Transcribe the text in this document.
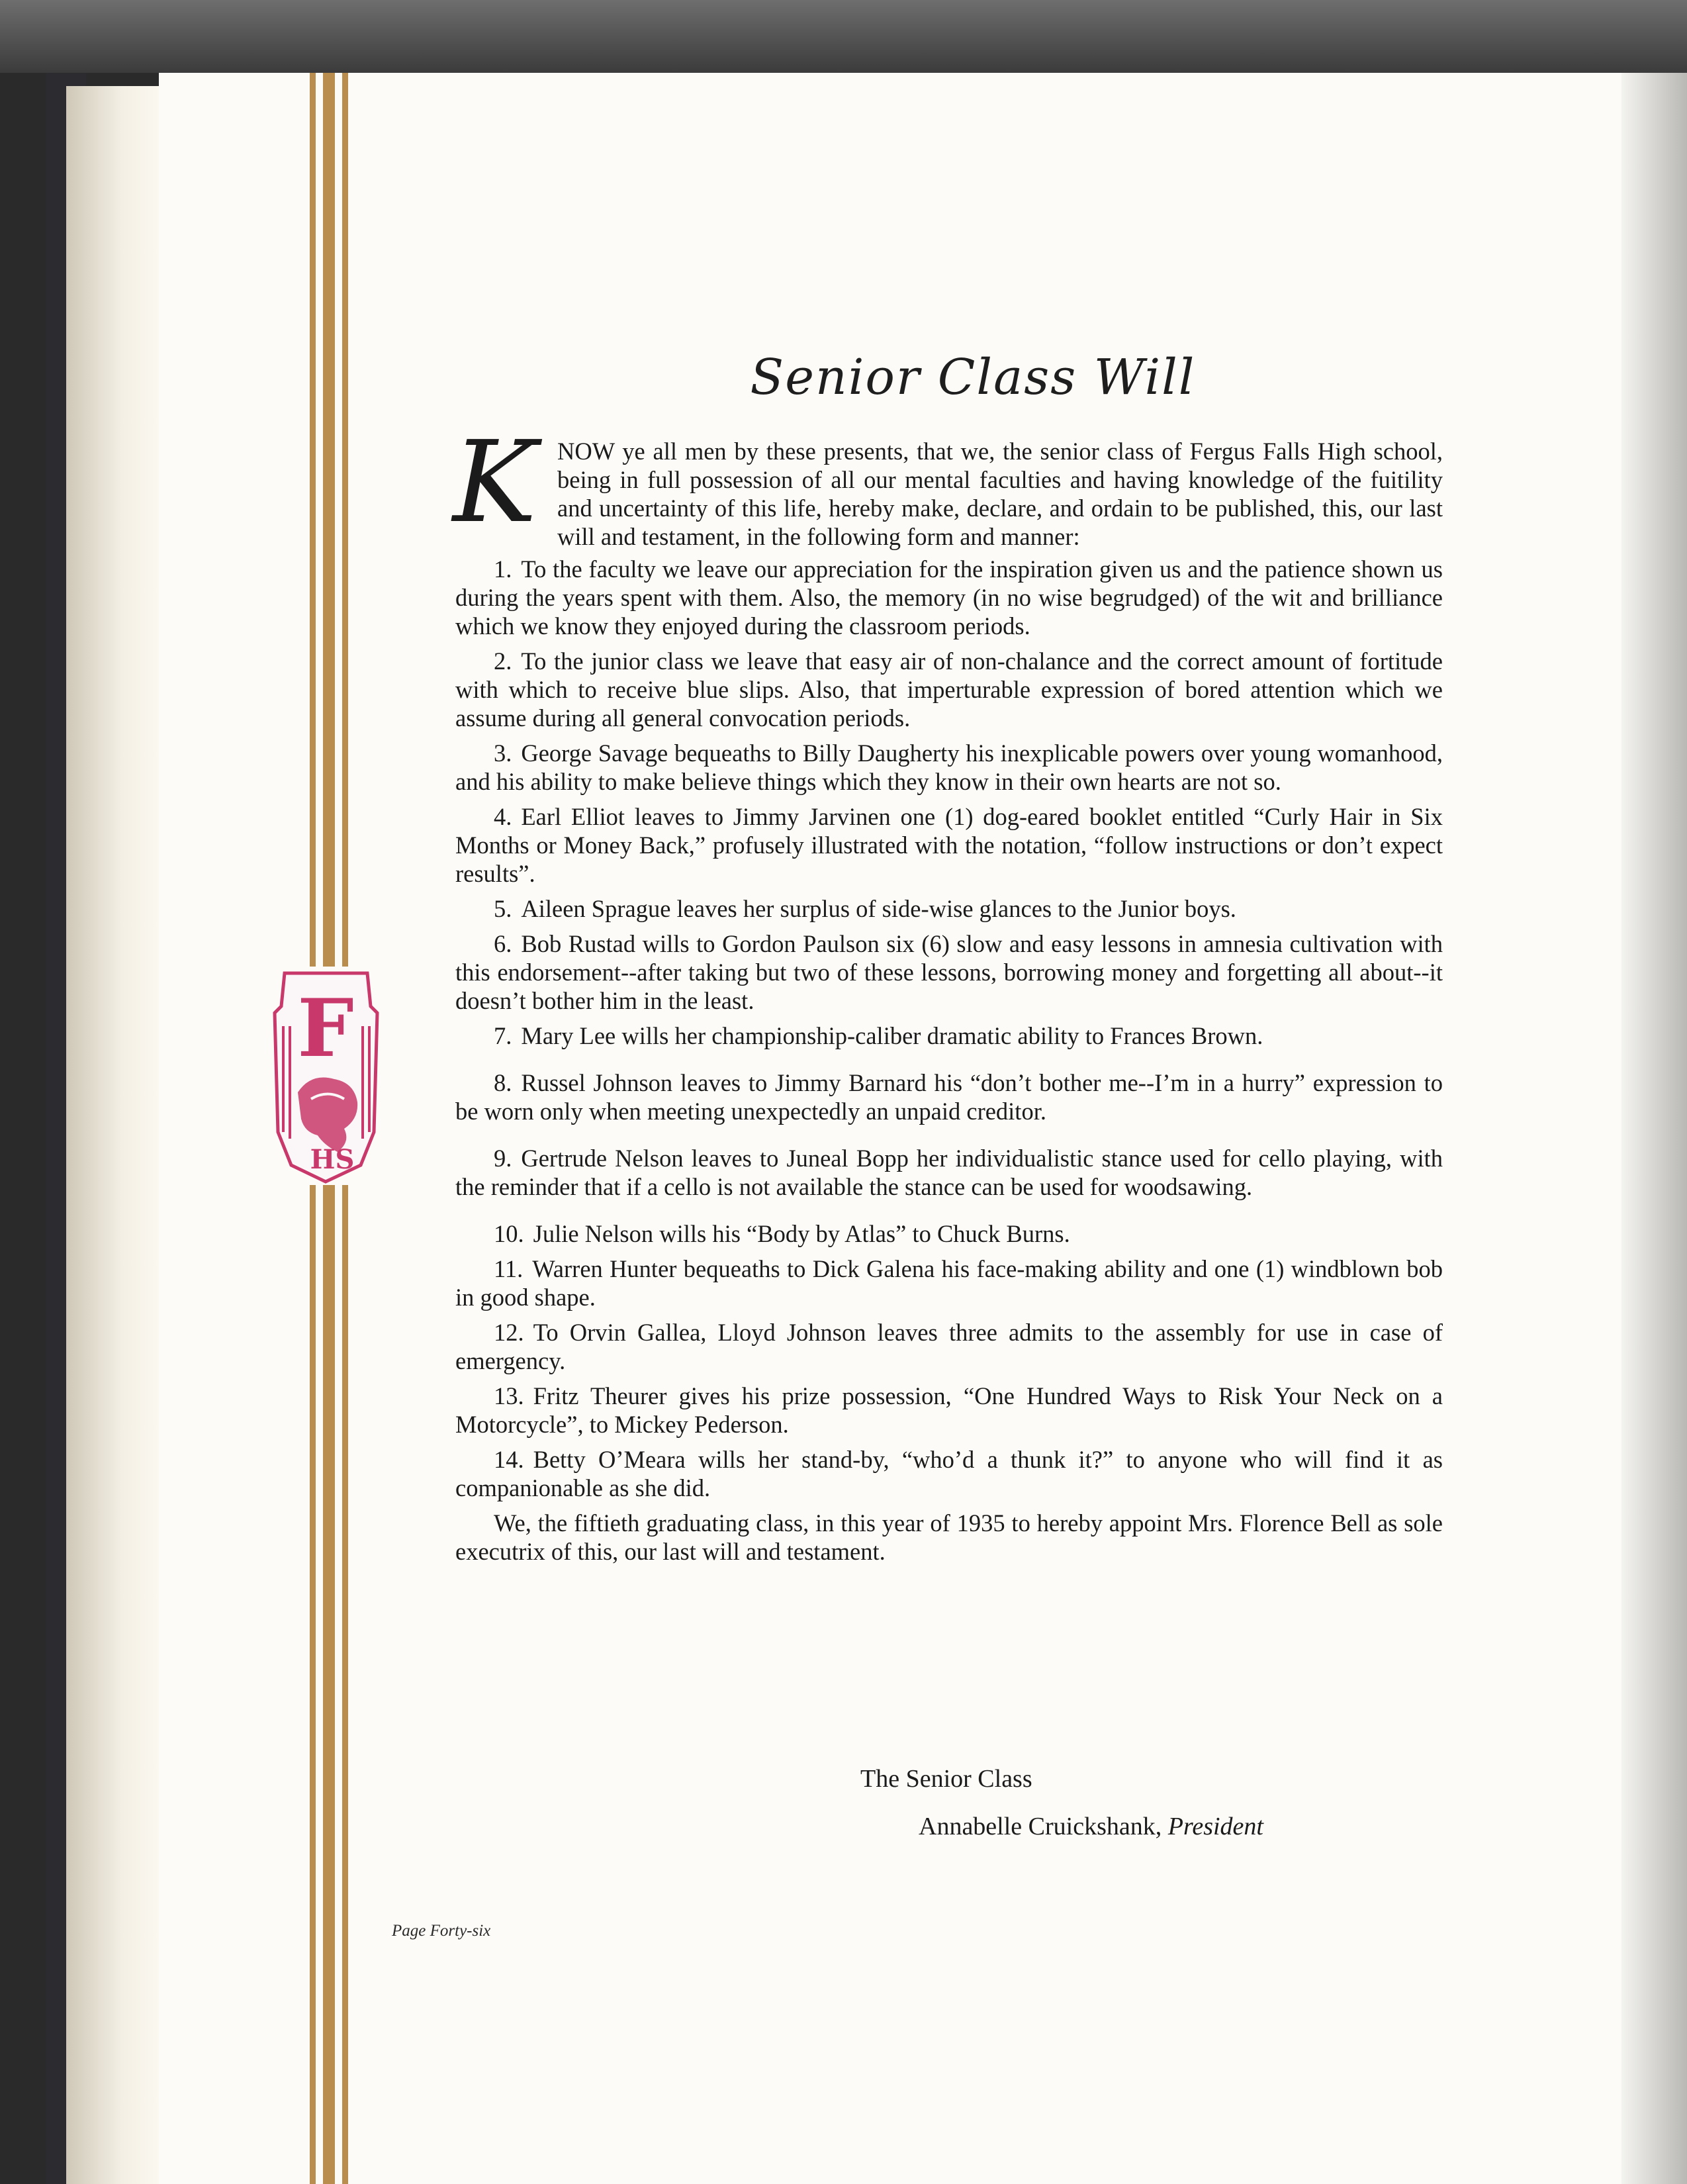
F
HS
Senior Class Will

K NOW ye all men by these presents, that we, the senior class of Fergus Falls High school, being in full possession of all our mental faculties and having knowledge of the fuitility and uncertainty of this life, hereby make, declare, and ordain to be published, this, our last will and testament, in the following form and manner:

1. To the faculty we leave our appreciation for the inspiration given us and the patience shown us during the years spent with them. Also, the memory (in no wise begrudged) of the wit and brilliance which we know they enjoyed during the classroom periods.

2. To the junior class we leave that easy air of non-chalance and the correct amount of fortitude with which to receive blue slips. Also, that imperturable expression of bored attention which we assume during all general convocation periods.

3. George Savage bequeaths to Billy Daugherty his inexplicable powers over young womanhood, and his ability to make believe things which they know in their own hearts are not so.

4. Earl Elliot leaves to Jimmy Jarvinen one (1) dog-eared booklet entitled “Curly Hair in Six Months or Money Back,” profusely illustrated with the notation, “follow instructions or don’t expect results”.

5. Aileen Sprague leaves her surplus of side-wise glances to the Junior boys.

6. Bob Rustad wills to Gordon Paulson six (6) slow and easy lessons in amnesia cultivation with this endorsement--after taking but two of these lessons, borrowing money and forgetting all about--it doesn’t bother him in the least.

7. Mary Lee wills her championship-caliber dramatic ability to Frances Brown.

8. Russel Johnson leaves to Jimmy Barnard his “don’t bother me--I’m in a hurry” expression to be worn only when meeting unexpectedly an unpaid creditor.

9. Gertrude Nelson leaves to Juneal Bopp her individualistic stance used for cello playing, with the reminder that if a cello is not available the stance can be used for woodsawing.

10. Julie Nelson wills his “Body by Atlas” to Chuck Burns.

11. Warren Hunter bequeaths to Dick Galena his face-making ability and one (1) windblown bob in good shape.

12. To Orvin Gallea, Lloyd Johnson leaves three admits to the assembly for use in case of emergency.

13. Fritz Theurer gives his prize possession, “One Hundred Ways to Risk Your Neck on a Motorcycle”, to Mickey Pederson.

14. Betty O’Meara wills her stand-by, “who’d a thunk it?” to anyone who will find it as companionable as she did.

We, the fiftieth graduating class, in this year of 1935 to hereby appoint Mrs. Florence Bell as sole executrix of this, our last will and testament.

The Senior Class

Annabelle Cruickshank, President

Page Forty-six
